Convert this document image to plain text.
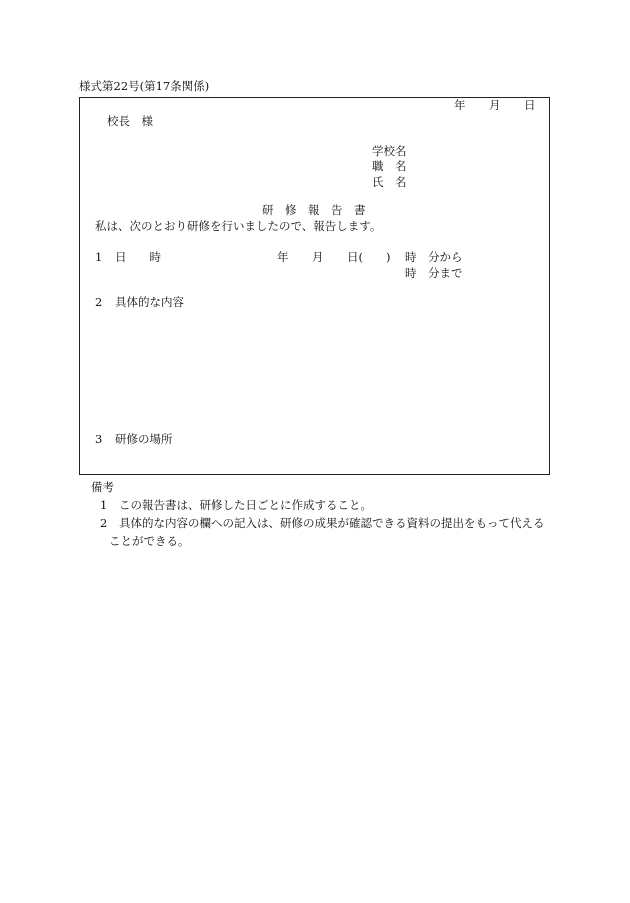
様式第22号(第17条関係)
年 月 日
校長　様
学校名
職　名
氏　名
研　修　報　告　書
私は、次のとおり研修を行いましたので、報告します。
1 日　　時	年 月 日(　　) 時　分から
時　分まで
2 具体的な内容
3 研修の場所
備考
1 この報告書は、研修した日ごとに作成すること。
2 具体的な内容の欄への記入は、研修の成果が確認できる資料の提出をもって代える
ことができる。
